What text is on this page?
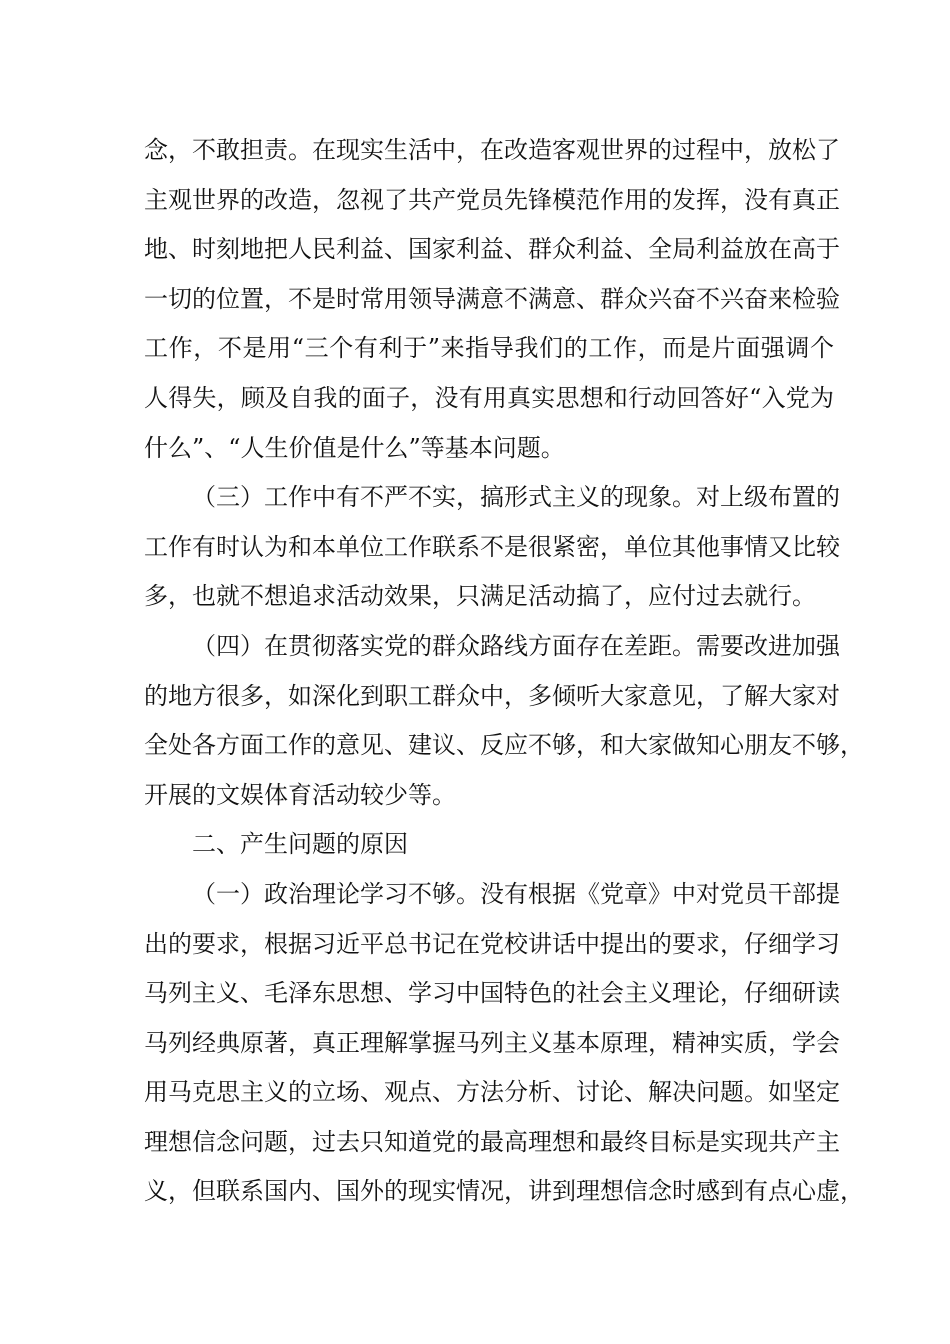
念，不敢担责。在现实生活中，在改造客观世界的过程中，放松了
主观世界的改造，忽视了共产党员先锋模范作用的发挥，没有真正
地、时刻地把人民利益、国家利益、群众利益、全局利益放在高于
一切的位置，不是时常用领导满意不满意、群众兴奋不兴奋来检验
工作，不是用“三个有利于”来指导我们的工作，而是片面强调个
人得失，顾及自我的面子，没有用真实思想和行动回答好“入党为
什么”、“人生价值是什么”等基本问题。
（三）工作中有不严不实，搞形式主义的现象。对上级布置的
工作有时认为和本单位工作联系不是很紧密，单位其他事情又比较
多，也就不想追求活动效果，只满足活动搞了，应付过去就行。
（四）在贯彻落实党的群众路线方面存在差距。需要改进加强
的地方很多，如深化到职工群众中，多倾听大家意见，了解大家对
全处各方面工作的意见、建议、反应不够，和大家做知心朋友不够，
开展的文娱体育活动较少等。
二、产生问题的原因
（一）政治理论学习不够。没有根据《党章》中对党员干部提
出的要求，根据习近平总书记在党校讲话中提出的要求，仔细学习
马列主义、毛泽东思想、学习中国特色的社会主义理论，仔细研读
马列经典原著，真正理解掌握马列主义基本原理，精神实质，学会
用马克思主义的立场、观点、方法分析、讨论、解决问题。如坚定
理想信念问题，过去只知道党的最高理想和最终目标是实现共产主
义，但联系国内、国外的现实情况，讲到理想信念时感到有点心虚，
